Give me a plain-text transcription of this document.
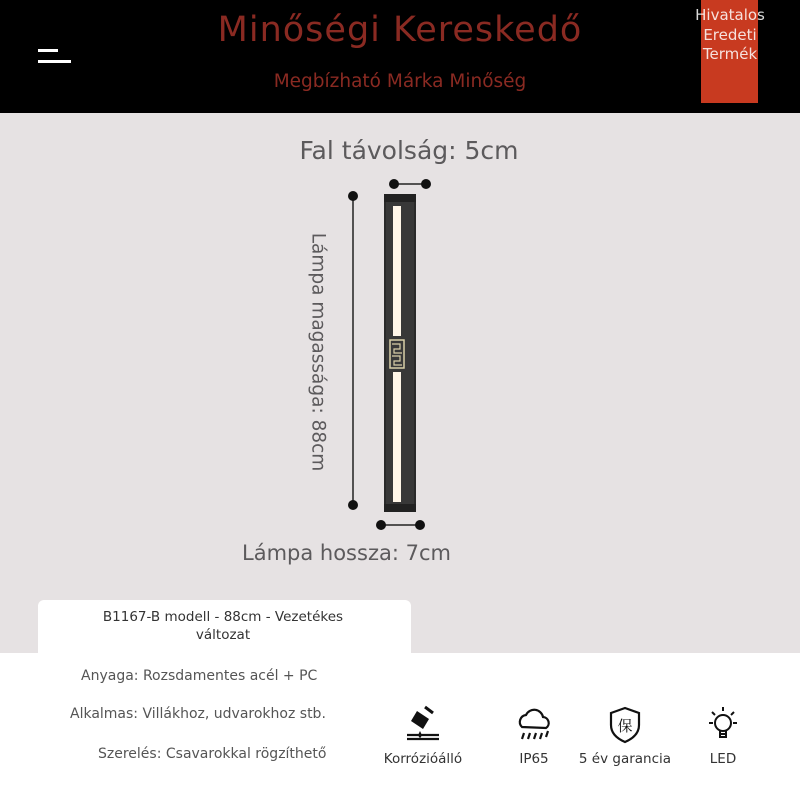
Minőségi Kereskedő
Megbízható Márka Minőség
Hivatalos
Eredeti
Termék
Fal távolság: 5cm
Lámpa magassága: 88cm
Lámpa hossza: 7cm
B1167-B modell - 88cm - Vezetékes változat
Anyaga: Rozsdamentes acél + PC
Alkalmas: Villákhoz, udvarokhoz stb.
Szerelés: Csavarokkal rögzíthető	Korrózióálló	IP65
保
5 év garancia	LED
